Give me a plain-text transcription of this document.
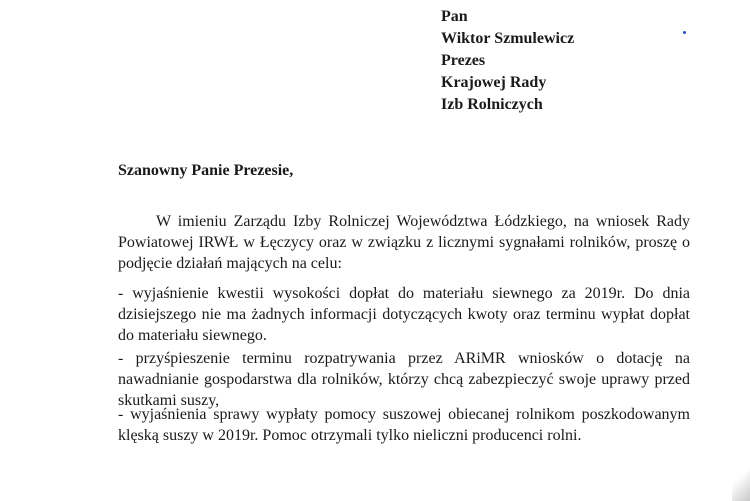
Pan
Wiktor Szmulewicz
Prezes
Krajowej Rady
Izb Rolniczych
Szanowny Panie Prezesie,

W imieniu Zarządu Izby Rolniczej Województwa Łódzkiego, na wniosek Rady Powiatowej IRWŁ w Łęczycy oraz w związku z licznymi sygnałami rolników, proszę o podjęcie działań mających na celu:

- wyjaśnienie kwestii wysokości dopłat do materiału siewnego za 2019r. Do dnia dzisiejszego nie ma żadnych informacji dotyczących kwoty oraz terminu wypłat dopłat do materiału siewnego.

- przyśpieszenie terminu rozpatrywania przez ARiMR wniosków o dotację na nawadnianie gospodarstwa dla rolników, którzy chcą zabezpieczyć swoje uprawy przed skutkami suszy,

- wyjaśnienia sprawy wypłaty pomocy suszowej obiecanej rolnikom poszkodowanym klęską suszy w 2019r. Pomoc otrzymali tylko nieliczni producenci rolni.
